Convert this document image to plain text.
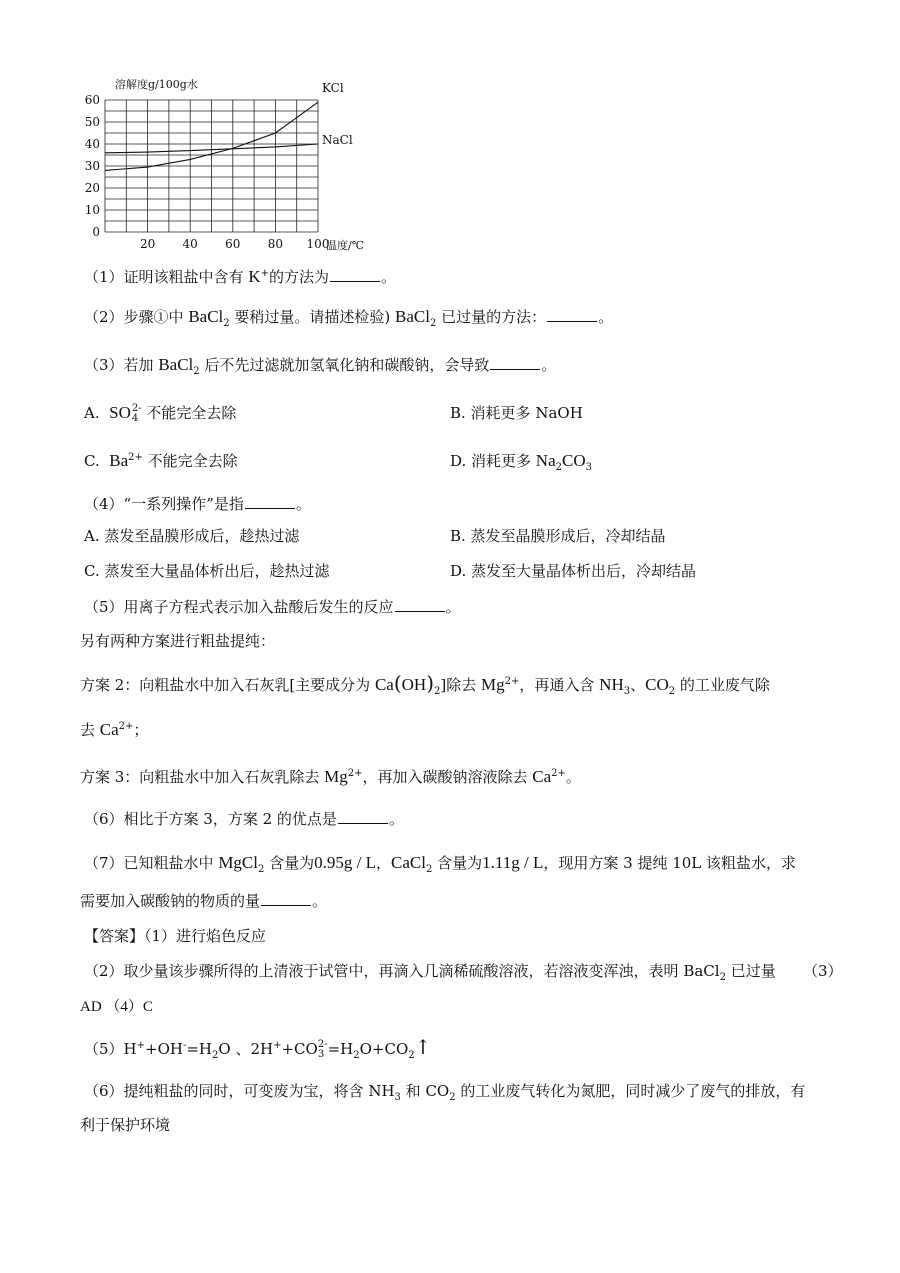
0
10
20
30
40
50
60
20 40 60 80 100
溶解度g/100g水
温度/℃
KCl
NaCl
（1）证明该粗盐中含有 K+的方法为	。
（2）步骤①中 BaCl$_2$ 要稍过量。请描述检验) BaCl$_2$ 已过量的方法：	。
（3）若加 BaCl$_2$ 后不先过滤就加氢氧化钠和碳酸钠，会导致	。
A. SO 2-
4 不能完全去除	B. 消耗更多 NaOH
C. $Ba^{2+}$ 不能完全去除	D. 消耗更多 $Na_2CO_3$
（4）“一系列操作”是指	。
A. 蒸发至晶膜形成后，趁热过滤	B. 蒸发至晶膜形成后，冷却结晶
C. 蒸发至大量晶体析出后，趁热过滤	D. 蒸发至大量晶体析出后，冷却结晶
（5）用离子方程式表示加入盐酸后发生的反应	。
另有两种方案进行粗盐提纯：
方案 2：向粗盐水中加入石灰乳[主要成分为 $Ca(OH)_2$]除去 $Mg^{2+}$，再通入含 $NH_3$、$CO_2$ 的工业废气除
去 $Ca^{2+}$；
方案 3：向粗盐水中加入石灰乳除去 $Mg^{2+}$，再加入碳酸钠溶液除去 $Ca^{2+}$。
（6）相比于方案 3，方案 2 的优点是	。
（7）已知粗盐水中 MgCl$_2$ 含量为0.95g / L，CaCl$_2$ 含量为1.11g / L，现用方案 3 提纯 10L 该粗盐水，求
需要加入碳酸钠的物质的量	。
【答案】（1）进行焰色反应
（2）取少量该步骤所得的上清液于试管中，再滴入几滴稀硫酸溶液，若溶液变浑浊，表明 BaCl$_2$ 已过量 （3）
AD （4）C
$(5)H^++OH^-=H_2O$ 、2H++CO 2-
$3 =H_2O+CO_2↑$
（6）提纯粗盐的同时，可变废为宝，将含 $NH_3$ 和 $CO_2$ 的工业废气转化为氮肥，同时减少了废气的排放，有
利于保护环境
